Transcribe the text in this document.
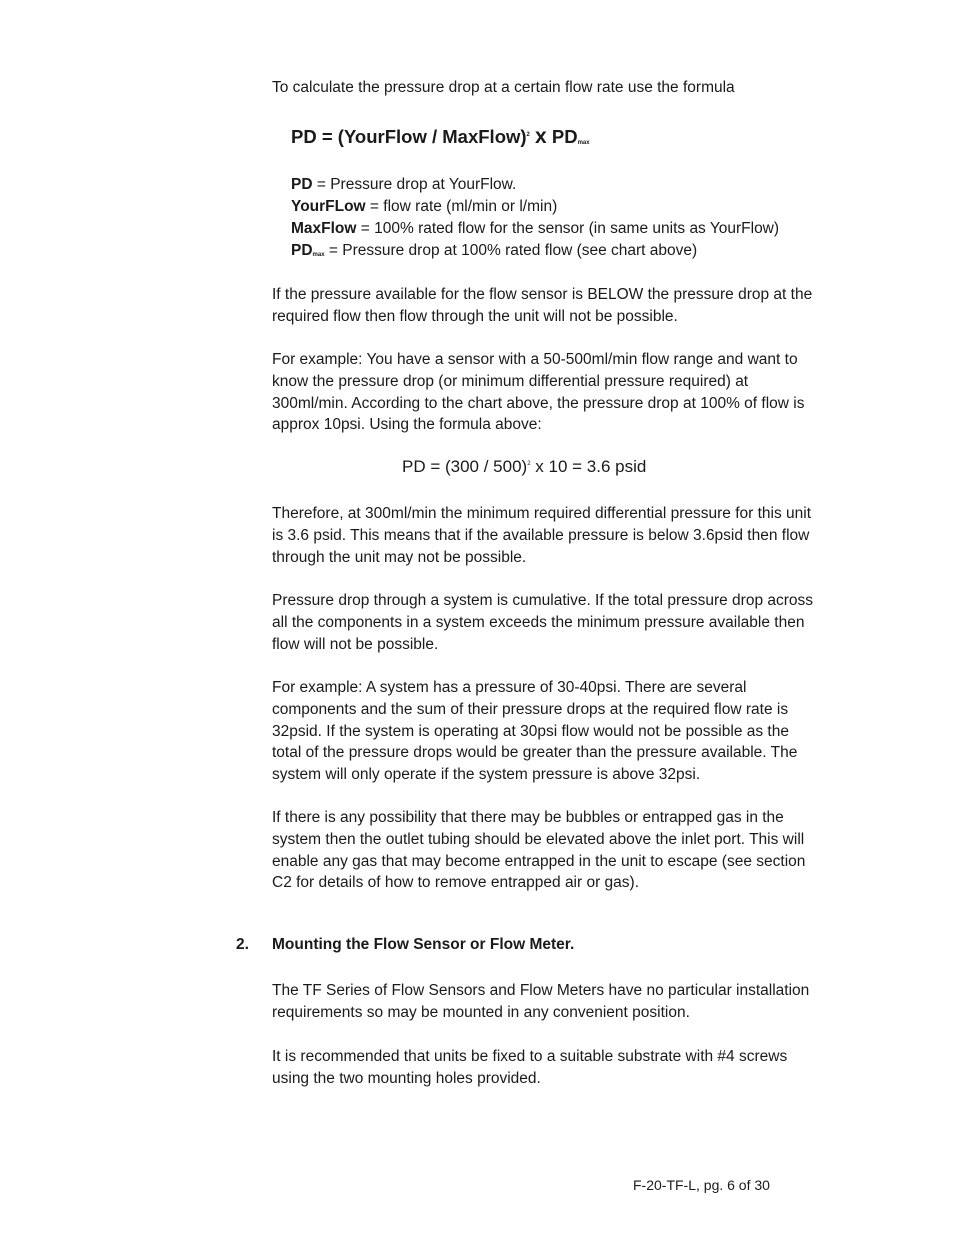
To calculate the pressure drop at a certain flow rate use the formula

PD = (YourFlow / MaxFlow)$^2$ x $PD_{max}$

PD = Pressure drop at YourFlow.
YourFLow = flow rate (ml/min or l/min)
MaxFlow = 100% rated flow for the sensor (in same units as YourFlow)
$PD_{max}$ = Pressure drop at 100% rated flow (see chart above)

If the pressure available for the flow sensor is BELOW the pressure drop at the required flow then flow through the unit will not be possible.

For example: You have a sensor with a 50-500ml/min flow range and want to know the pressure drop (or minimum differential pressure required) at 300ml/min. According to the chart above, the pressure drop at 100% of flow is approx 10psi. Using the formula above:

PD = (300 / 500)$^2$ x 10 = 3.6 psid

Therefore, at 300ml/min the minimum required differential pressure for this unit is 3.6 psid. This means that if the available pressure is below 3.6psid then flow through the unit may not be possible.

Pressure drop through a system is cumulative. If the total pressure drop across all the components in a system exceeds the minimum pressure available then flow will not be possible.

For example: A system has a pressure of 30-40psi. There are several components and the sum of their pressure drops at the required flow rate is 32psid. If the system is operating at 30psi flow would not be possible as the total of the pressure drops would be greater than the pressure available. The system will only operate if the system pressure is above 32psi.

If there is any possibility that there may be bubbles or entrapped gas in the system then the outlet tubing should be elevated above the inlet port. This will enable any gas that may become entrapped in the unit to escape (see section C2 for details of how to remove entrapped air or gas).

2. Mounting the Flow Sensor or Flow Meter.

The TF Series of Flow Sensors and Flow Meters have no particular installation requirements so may be mounted in any convenient position.

It is recommended that units be fixed to a suitable substrate with #4 screws using the two mounting holes provided.

F-20-TF-L, pg. 6 of 30
